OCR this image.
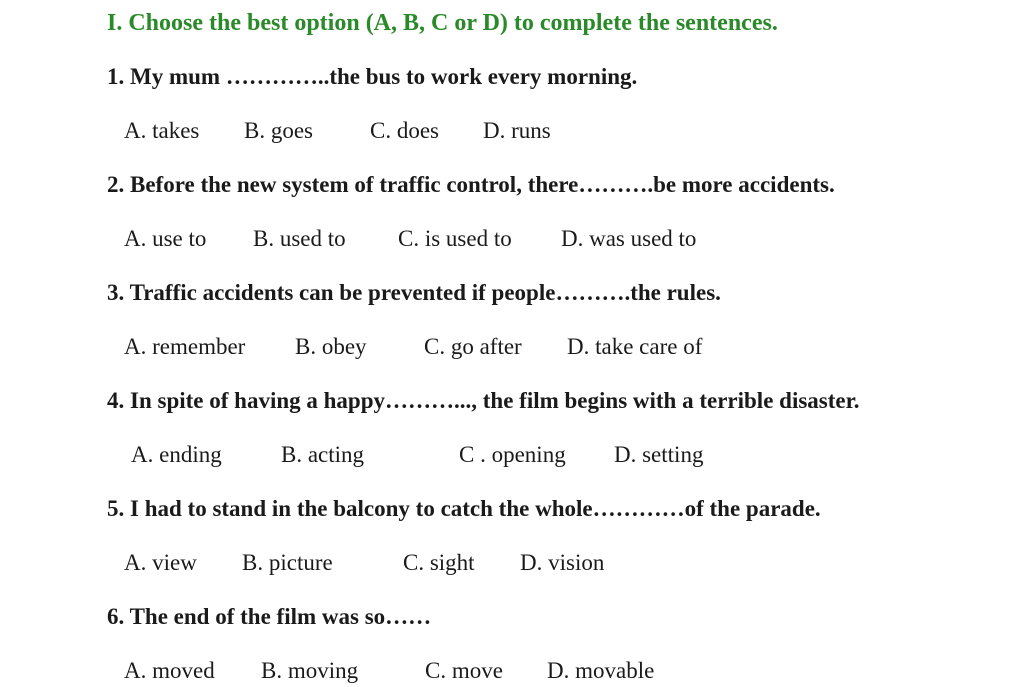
I. Choose the best option (A, B, C or D) to complete the sentences.
1. My mum …………..the bus to work every morning.
A. takes B. goes C. does D. runs
2. Before the new system of traffic control, there……….be more accidents.
A. use to B. used to C. is used to D. was used to
3. Traffic accidents can be prevented if people……….the rules.
A. remember B. obey C. go after D. take care of
4. In spite of having a happy………..., the film begins with a terrible disaster.
A. ending	B. acting	C . opening D. setting
5. I had to stand in the balcony to catch the whole…………of the parade.
A. view B. picture	C. sight D. vision
6. The end of the film was so……
A. moved B. moving	C. move D. movable
